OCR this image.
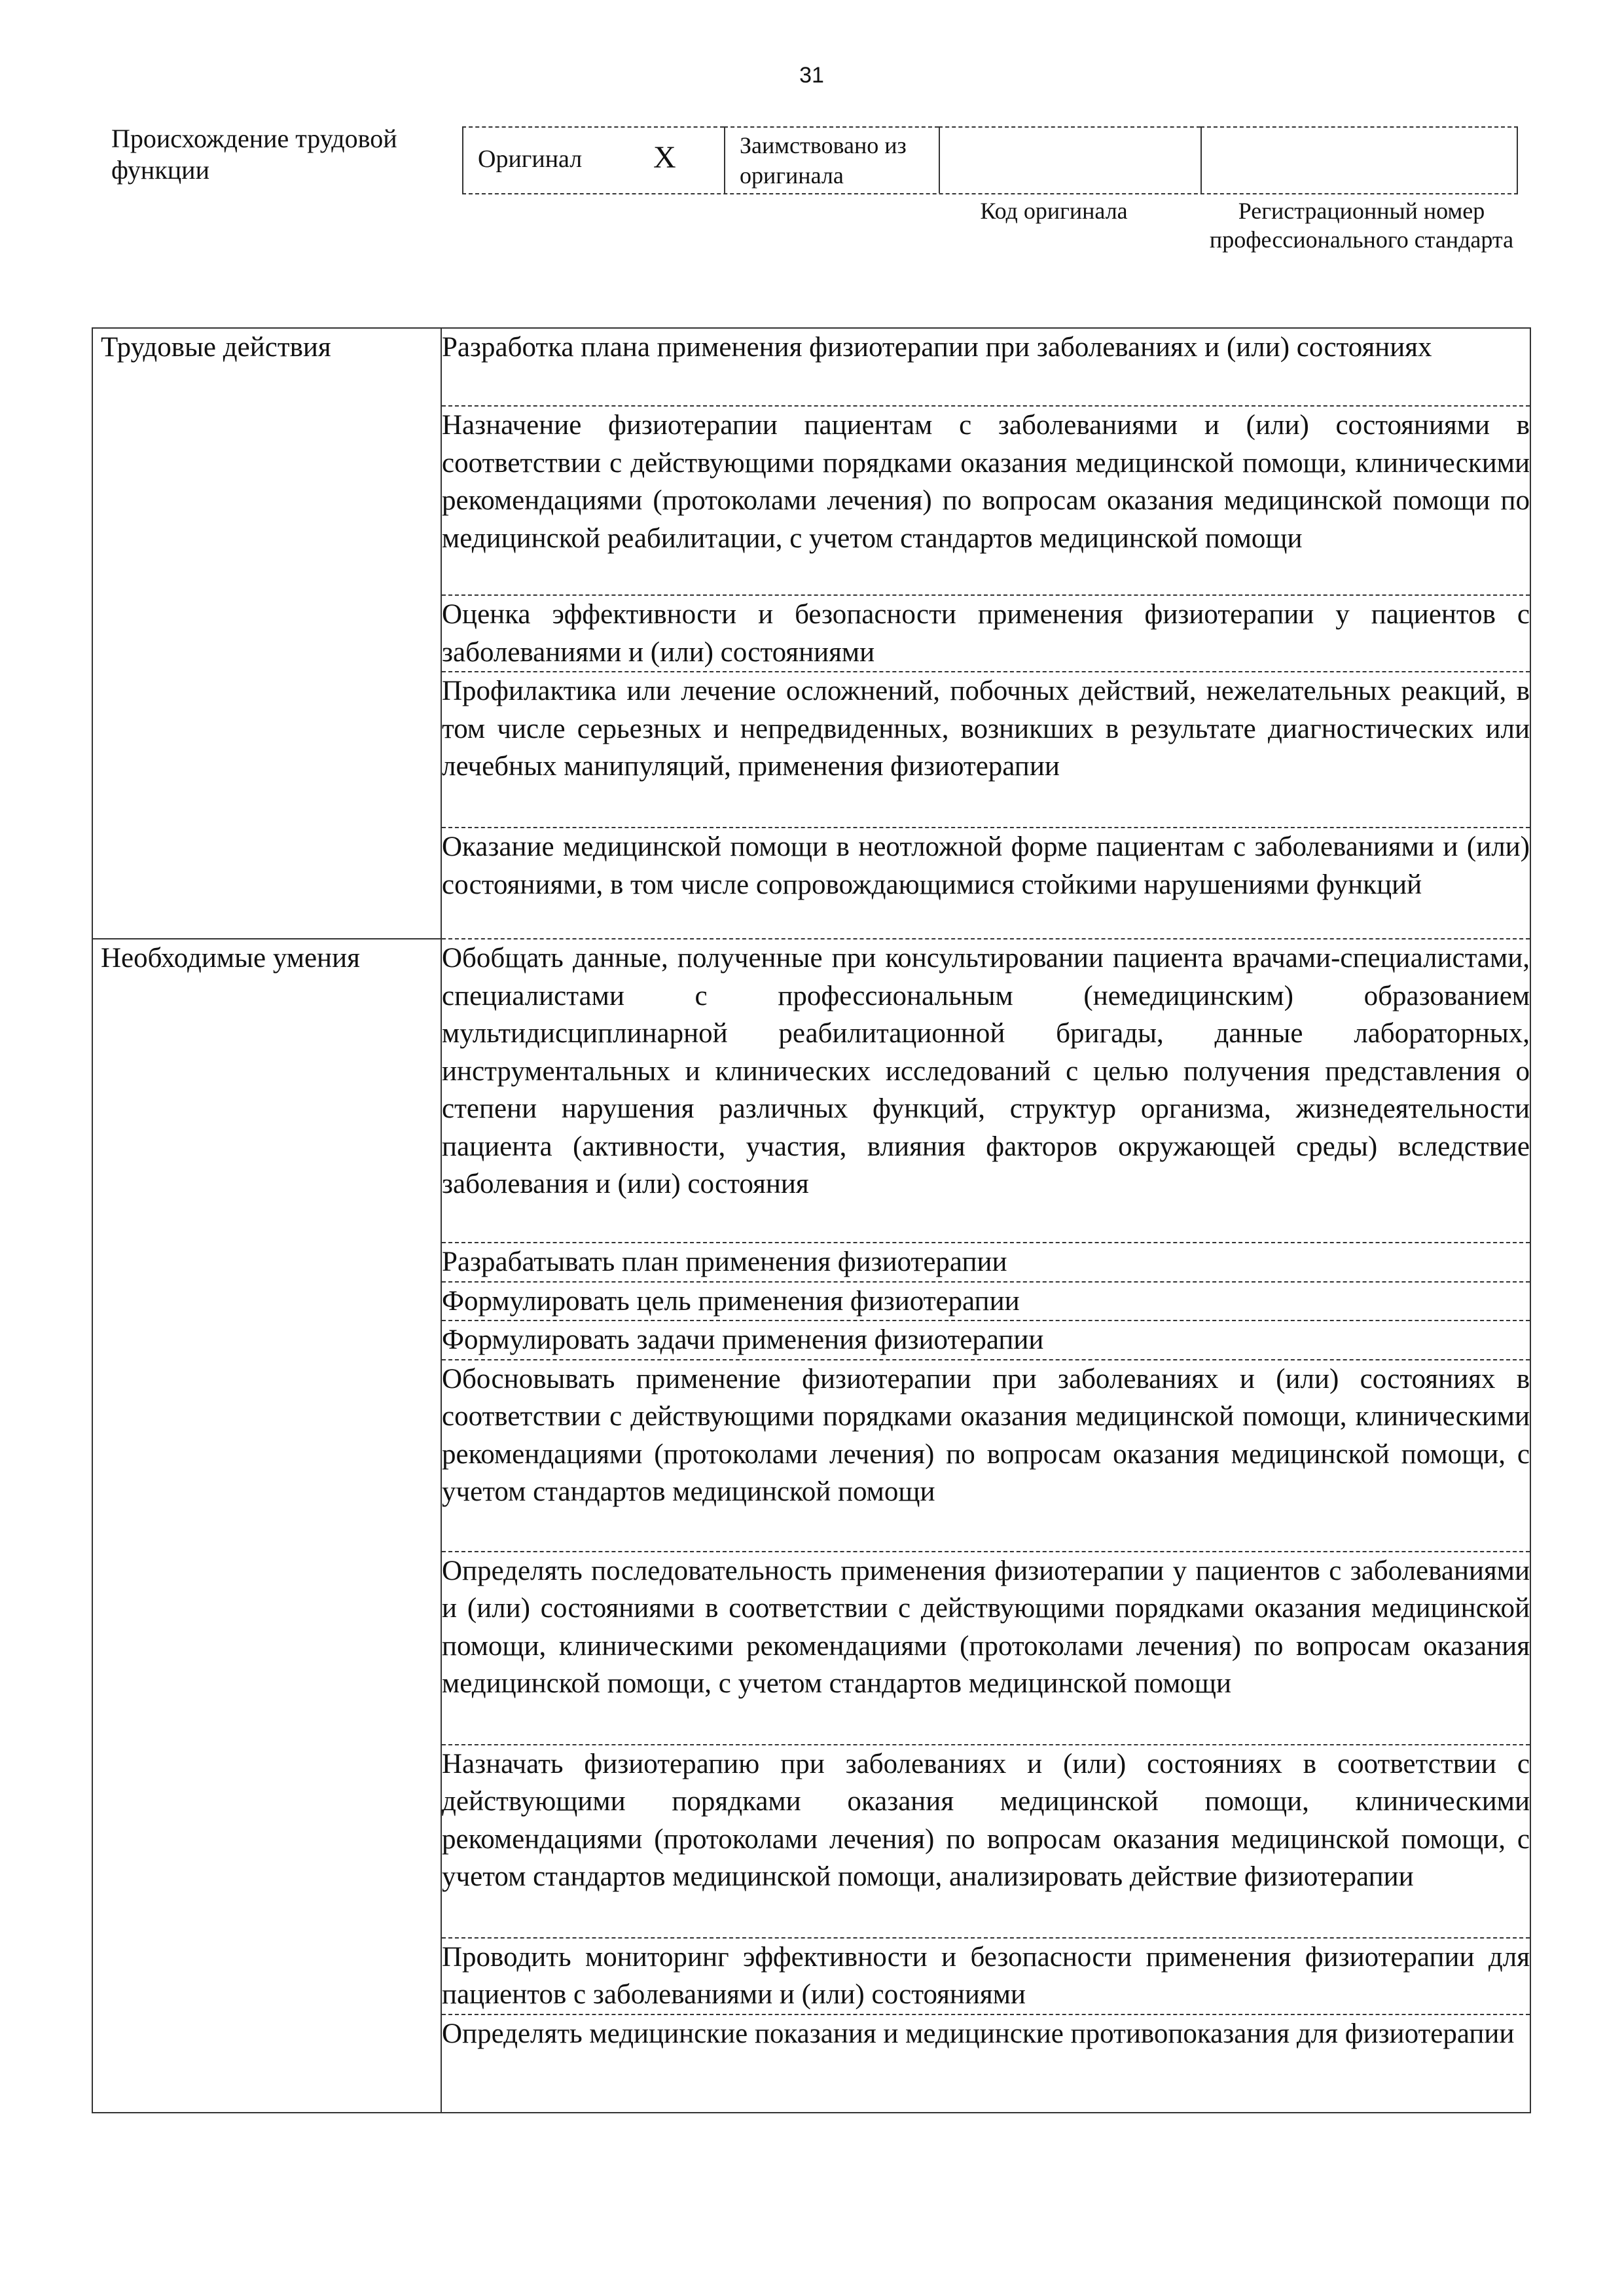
31
Происхождение трудовой функции	Оригинал X	Заимствовано из оригинала
Код оригинала	Регистрационный номер профессионального стандарта
Трудовые действия	Разработка плана применения физиотерапии при заболеваниях и (или) состояниях
	Назначение физиотерапии пациентам с заболеваниями и (или) состояниями в соответствии с действующими порядками оказания медицинской помощи, клиническими рекомендациями (протоколами лечения) по вопросам оказания медицинской помощи по медицинской реабилитации, с учетом стандартов медицинской помощи
	Оценка эффективности и безопасности применения физиотерапии у пациентов с заболеваниями и (или) состояниями
	Профилактика или лечение осложнений, побочных действий, нежелательных реакций, в том числе серьезных и непредвиденных, возникших в результате диагностических или лечебных манипуляций, применения физиотерапии
	Оказание медицинской помощи в неотложной форме пациентам с заболеваниями и (или) состояниями, в том числе сопровождающимися стойкими нарушениями функций

Необходимые умения	Обобщать данные, полученные при консультировании пациента врачами-специалистами, специалистами с профессиональным (немедицинским) образованием мультидисциплинарной реабилитационной бригады, данные лабораторных, инструментальных и клинических исследований с целью получения представления о степени нарушения различных функций, структур организма, жизнедеятельности пациента (активности, участия, влияния факторов окружающей среды) вследствие заболевания и (или) состояния
	Разрабатывать план применения физиотерапии
	Формулировать цель применения физиотерапии
	Формулировать задачи применения физиотерапии
	Обосновывать применение физиотерапии при заболеваниях и (или) состояниях в соответствии с действующими порядками оказания медицинской помощи, клиническими рекомендациями (протоколами лечения) по вопросам оказания медицинской помощи, с учетом стандартов медицинской помощи
	Определять последовательность применения физиотерапии у пациентов с заболеваниями и (или) состояниями в соответствии с действующими порядками оказания медицинской помощи, клиническими рекомендациями (протоколами лечения) по вопросам оказания медицинской помощи, с учетом стандартов медицинской помощи
	Назначать физиотерапию при заболеваниях и (или) состояниях в соответствии с действующими порядками оказания медицинской помощи, клиническими рекомендациями (протоколами лечения) по вопросам оказания медицинской помощи, с учетом стандартов медицинской помощи, анализировать действие физиотерапии
	Проводить мониторинг эффективности и безопасности применения физиотерапии для пациентов с заболеваниями и (или) состояниями
	Определять медицинские показания и медицинские противопоказания для физиотерапии
